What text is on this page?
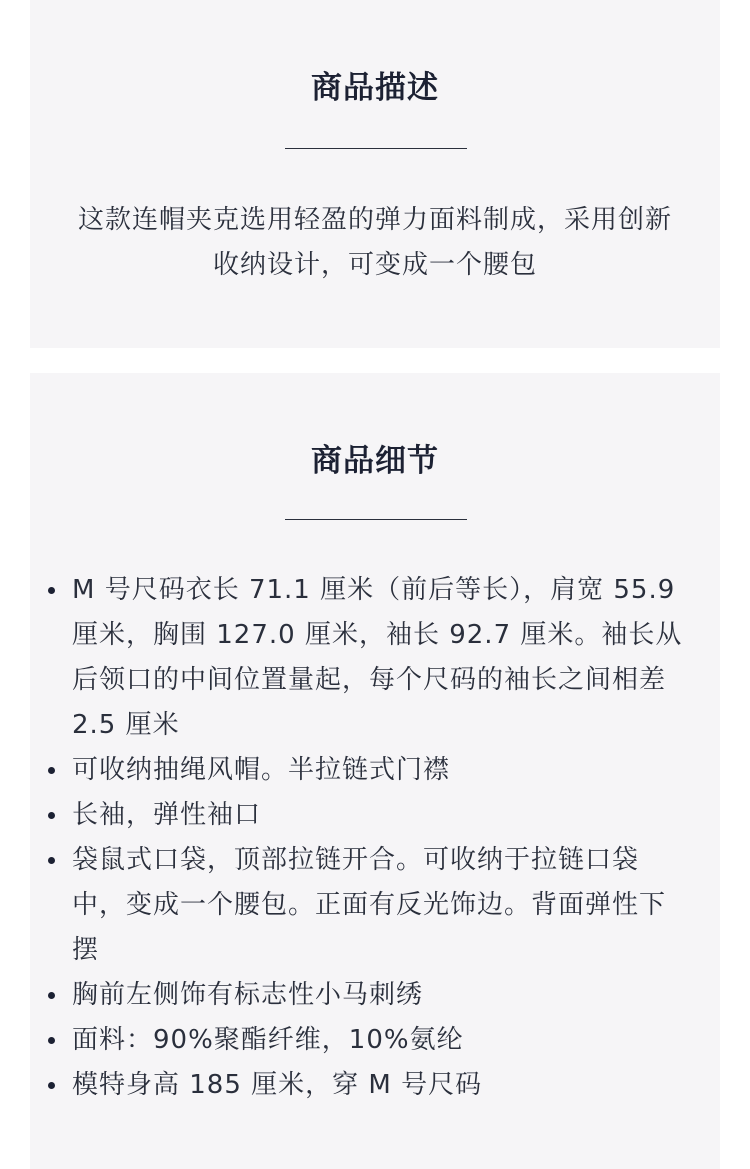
商品描述
这款连帽夹克选用轻盈的弹力面料制成，采用创新收纳设计，可变成一个腰包
商品细节
M 号尺码衣长 71.1 厘米（前后等长），肩宽 55.9 厘米，胸围 127.0 厘米，袖长 92.7 厘米。袖长从后领口的中间位置量起，每个尺码的袖长之间相差 2.5 厘米
可收纳抽绳风帽。半拉链式门襟
长袖，弹性袖口
袋鼠式口袋，顶部拉链开合。可收纳于拉链口袋中，变成一个腰包。正面有反光饰边。背面弹性下摆
胸前左侧饰有标志性小马刺绣
面料：90%聚酯纤维，10%氨纶
模特身高 185 厘米，穿 M 号尺码
